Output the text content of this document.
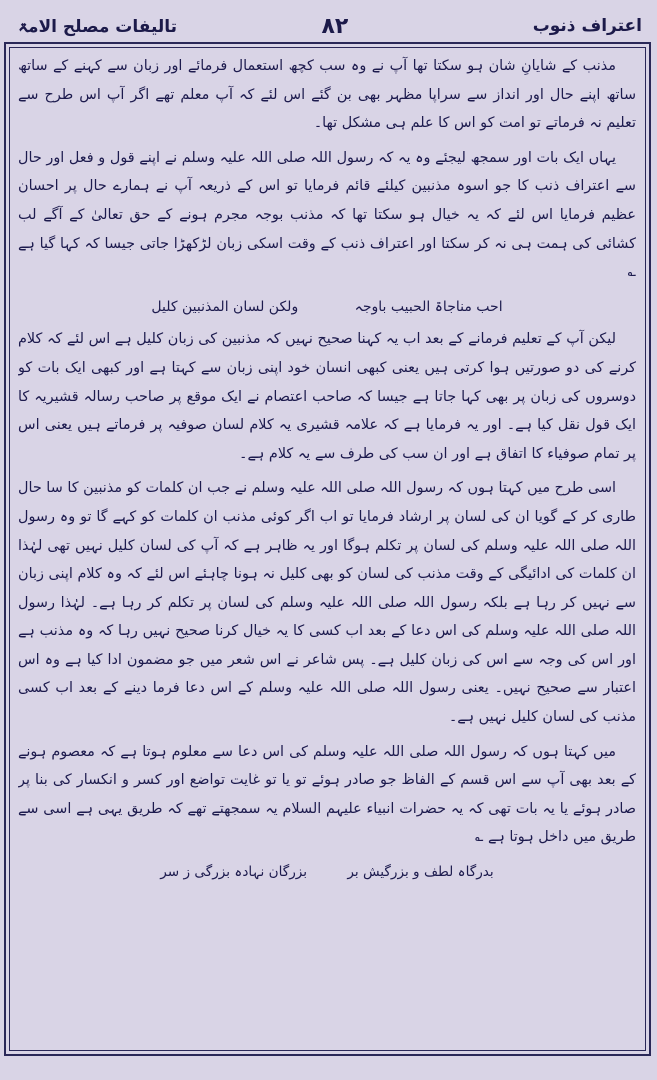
تالیفات مصلح الامۃ	۸۲	اعتراف ذنوب

مذنب کے شایانِ شان ہو سکتا تھا آپ نے وہ سب کچھ استعمال فرمائے اور زبان سے کہنے کے ساتھ ساتھ اپنے حال اور انداز سے سراپا مظہر بھی بن گئے اس لئے کہ آپ معلم تھے اگر آپ اس طرح سے تعلیم نہ فرماتے تو امت کو اس کا علم ہی مشکل تھا۔

یہاں ایک بات اور سمجھ لیجئے وہ یہ کہ رسول اللہ صلی اللہ علیہ وسلم نے اپنے قول و فعل اور حال سے اعتراف ذنب کا جو اسوہ مذنبین کیلئے قائم فرمایا تو اس کے ذریعہ آپ نے ہمارے حال پر احسان عظیم فرمایا اس لئے کہ یہ خیال ہو سکتا تھا کہ مذنب بوجہ مجرم ہونے کے حق تعالیٰ کے آگے لب کشائی کی ہمت ہی نہ کر سکتا اور اعتراف ذنب کے وقت اسکی زبان لڑکھڑا جاتی جیسا کہ کہا گیا ہے ؎

احب مناجاۃ الحبیب باوجہ ولکن لسان المذنبین کلیل

لیکن آپ کے تعلیم فرمانے کے بعد اب یہ کہنا صحیح نہیں کہ مذنبین کی زبان کلیل ہے اس لئے کہ کلام کرنے کی دو صورتیں ہوا کرتی ہیں یعنی کبھی انسان خود اپنی زبان سے کہتا ہے اور کبھی ایک بات کو دوسروں کی زبان پر بھی کہا جاتا ہے جیسا کہ صاحب اعتصام نے ایک موقع پر صاحب رسالہ قشیریہ کا ایک قول نقل کیا ہے۔ اور یہ فرمایا ہے کہ علامہ قشیری یہ کلام لسان صوفیہ پر فرماتے ہیں یعنی اس پر تمام صوفیاء کا اتفاق ہے اور ان سب کی طرف سے یہ کلام ہے۔

اسی طرح میں کہتا ہوں کہ رسول اللہ صلی اللہ علیہ وسلم نے جب ان کلمات کو مذنبین کا سا حال طاری کر کے گویا ان کی لسان پر ارشاد فرمایا تو اب اگر کوئی مذنب ان کلمات کو کہے گا تو وہ رسول اللہ صلی اللہ علیہ وسلم کی لسان پر تکلم ہوگا اور یہ ظاہر ہے کہ آپ کی لسان کلیل نہیں تھی لہٰذا ان کلمات کی ادائیگی کے وقت مذنب کی لسان کو بھی کلیل نہ ہونا چاہئے اس لئے کہ وہ کلام اپنی زبان سے نہیں کر رہا ہے بلکہ رسول اللہ صلی اللہ علیہ وسلم کی لسان پر تکلم کر رہا ہے۔ لہٰذا رسول اللہ صلی اللہ علیہ وسلم کی اس دعا کے بعد اب کسی کا یہ خیال کرنا صحیح نہیں رہا کہ وہ مذنب ہے اور اس کی وجہ سے اس کی زبان کلیل ہے۔ پس شاعر نے اس شعر میں جو مضمون ادا کیا ہے وہ اس اعتبار سے صحیح نہیں۔ یعنی رسول اللہ صلی اللہ علیہ وسلم کے اس دعا فرما دینے کے بعد اب کسی مذنب کی لسان کلیل نہیں ہے۔

میں کہتا ہوں کہ رسول اللہ صلی اللہ علیہ وسلم کی اس دعا سے معلوم ہوتا ہے کہ معصوم ہونے کے بعد بھی آپ سے اس قسم کے الفاظ جو صادر ہوئے تو یا تو غایت تواضع اور کسر و انکسار کی بنا پر صادر ہوئے یا یہ بات تھی کہ یہ حضرات انبیاء علیہم السلام یہ سمجھتے تھے کہ طریق یہی ہے اسی سے طریق میں داخل ہوتا ہے ؎

بدرگاہ لطف و بزرگیش بر بزرگان نہادہ بزرگی ز سر
